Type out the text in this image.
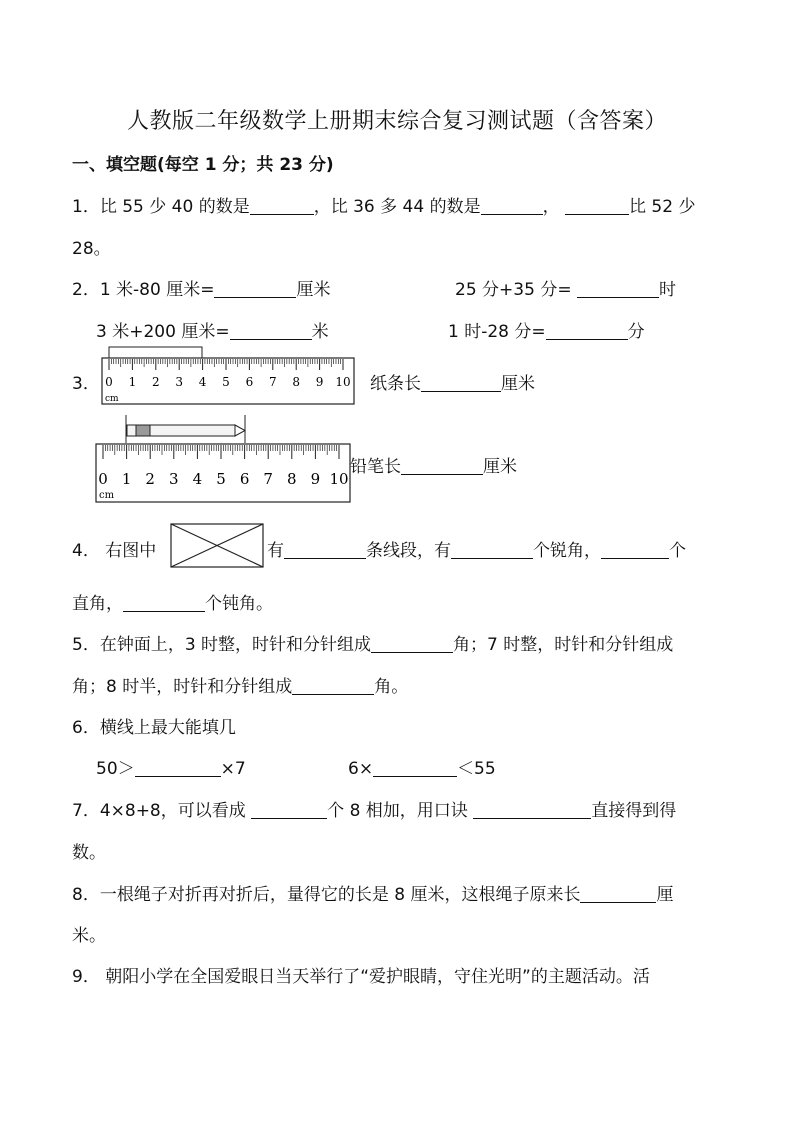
人教版二年级数学上册期末综合复习测试题（含答案）
一、填空题(每空 1 分；共 23 分)
1．比 55 少 40 的数是	，比 36 多 44 的数是	，	比 52 少
28。
2．1 米-80 厘米=	厘米	25 分+35 分=	时
3 米+200 厘米=	米	1 时-28 分=	分
3． 0 1 2 3 4 5 6 7 8 9 10
cm
纸条长	厘米
0 1 2 3 4 5 6 7 8 9 10
cm
铅笔长	厘米
4． 右图中	有	条线段，有	个锐角，	个
直角，	个钝角。
5．在钟面上，3 时整，时针和分针组成	角；7 时整，时针和分针组成
角；8 时半，时针和分针组成	角。
6．横线上最大能填几
50＞	×7	6×	＜55
7．4×8+8，可以看成	个 8 相加，用口诀	直接得到得
数。
8．一根绳子对折再对折后，量得它的长是 8 厘米，这根绳子原来长	厘
米。
9． 朝阳小学在全国爱眼日当天举行了“爱护眼睛，守住光明”的主题活动。活
